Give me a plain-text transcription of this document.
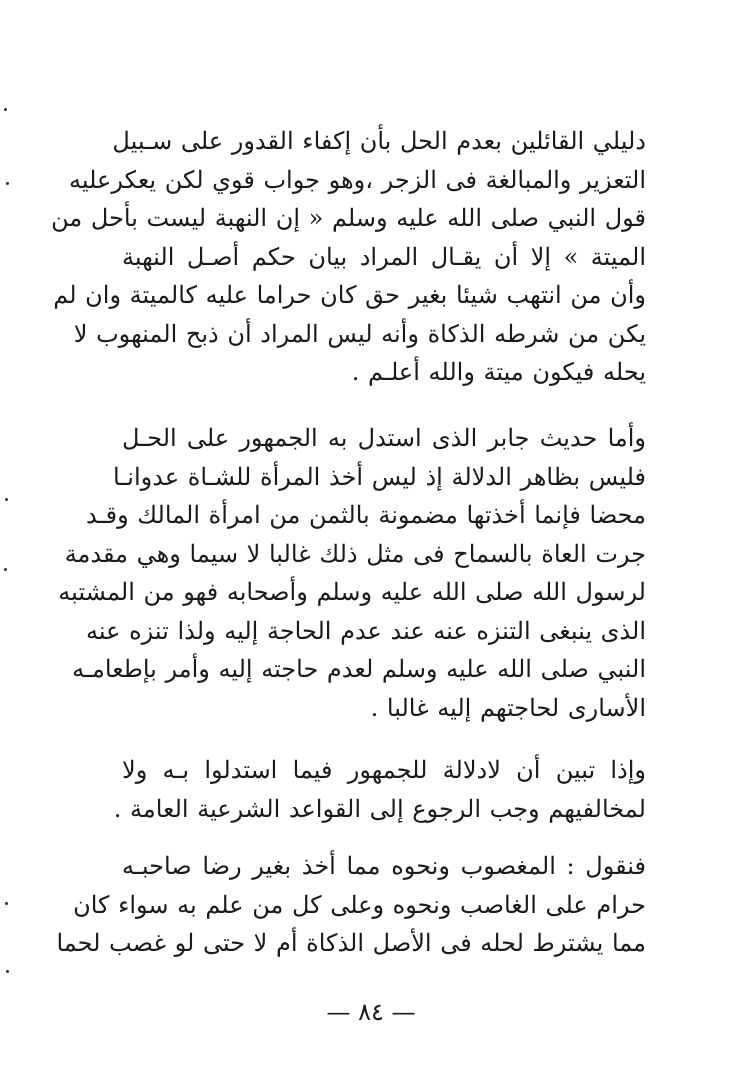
دليلي القائلين بعدم الحل بأن إكفاء القدور على سـبيل
التعزير والمبالغة فى الزجر ،وهو جواب قوي لكن يعكرعليه
قول النبي صلى الله عليه وسلم « إن النهبة ليست بأحل من
الميتة » إلا أن يقـال المراد بيان حكم أصـل النهبة
وأن من انتهب شيئا بغير حق كان حراما عليه كالميتة وان لم
يكن من شرطه الذكاة وأنه ليس المراد أن ذبح المنهوب لا
يحله فيكون ميتة والله أعلـم .
وأما حديث جابر الذى استدل به الجمهور على الحـل
فليس بظاهر الدلالة إذ ليس أخذ المرأة للشـاة عدوانـا
محضا فإنما أخذتها مضمونة بالثمن من امرأة المالك وقـد
جرت العاة بالسماح فى مثل ذلك غالبا لا سيما وهي مقدمة
لرسول الله صلى الله عليه وسلم وأصحابه فهو من المشتبه
الذى ينبغى التنزه عنه عند عدم الحاجة إليه ولذا تنزه عنه
النبي صلى الله عليه وسلم لعدم حاجته إليه وأمر بإطعامـه
الأسارى لحاجتهم إليه غالبا .
وإذا تبين أن لادلالة للجمهور فيما استدلوا بـه ولا
لمخالفيهم وجب الرجوع إلى القواعد الشرعية العامة .
فنقول : المغصوب ونحوه مما أخذ بغير رضا صاحبـه
حرام على الغاصب ونحوه وعلى كل من علم به سواء كان
مما يشترط لحله فى الأصل الذكاة أم لا حتى لو غصب لحما
— ٨٤ —
